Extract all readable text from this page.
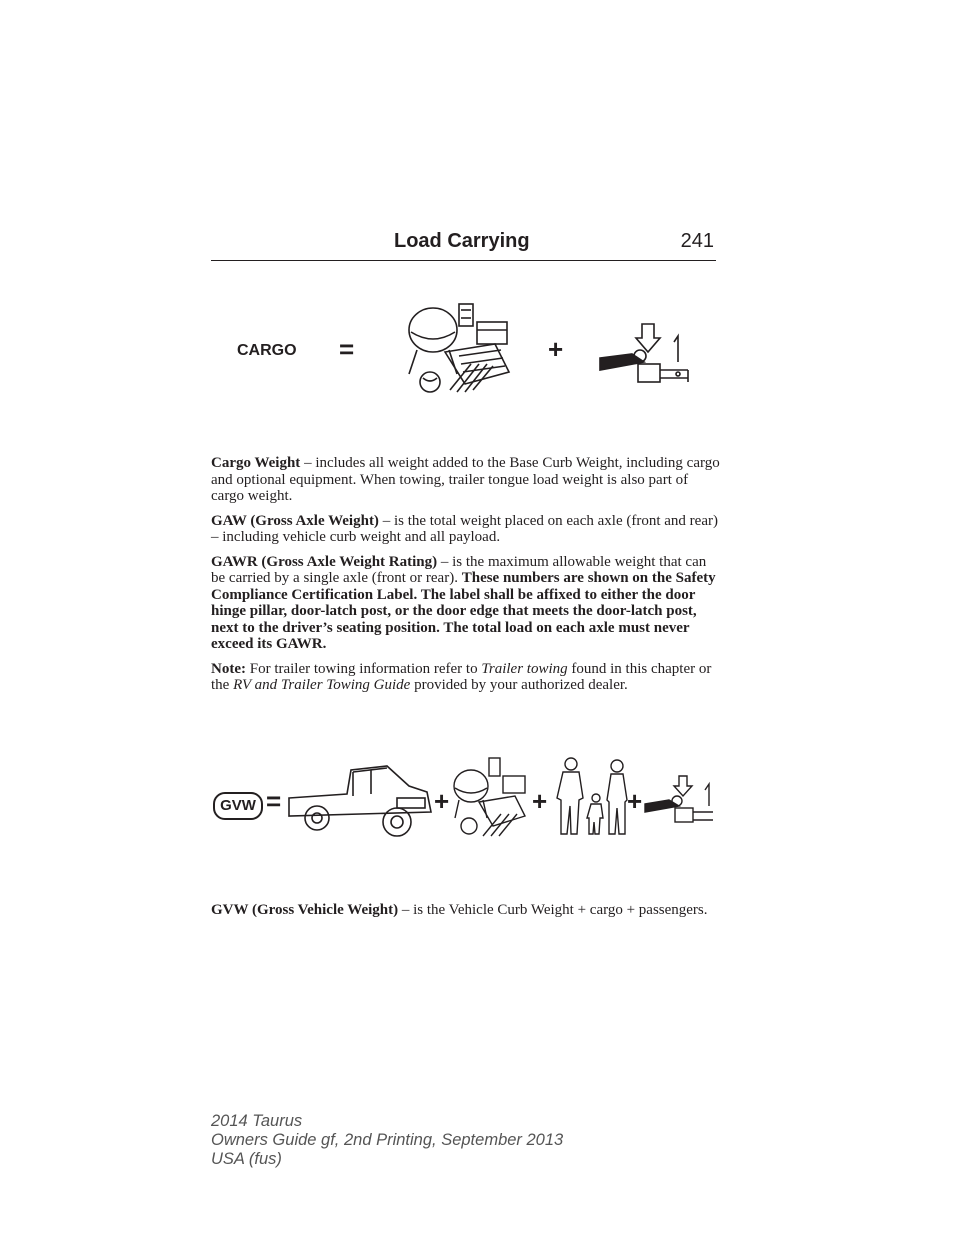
Load Carrying	241
CARGO =	+

Cargo Weight – includes all weight added to the Base Curb Weight, including cargo and optional equipment. When towing, trailer tongue load weight is also part of cargo weight.

GAW (Gross Axle Weight) – is the total weight placed on each axle (front and rear) – including vehicle curb weight and all payload.

GAWR (Gross Axle Weight Rating) – is the maximum allowable weight that can be carried by a single axle (front or rear). These numbers are shown on the Safety Compliance Certification Label. The label shall be affixed to either the door hinge pillar, door-latch post, or the door edge that meets the door-latch post, next to the driver’s seating position. The total load on each axle must never exceed its GAWR.

Note: For trailer towing information refer to Trailer towing found in this chapter or the RV and Trailer Towing Guide provided by your authorized dealer.

GVW =	+	+	+

GVW (Gross Vehicle Weight) – is the Vehicle Curb Weight + cargo + passengers.

2014 Taurus
Owners Guide gf, 2nd Printing, September 2013
USA (fus)
